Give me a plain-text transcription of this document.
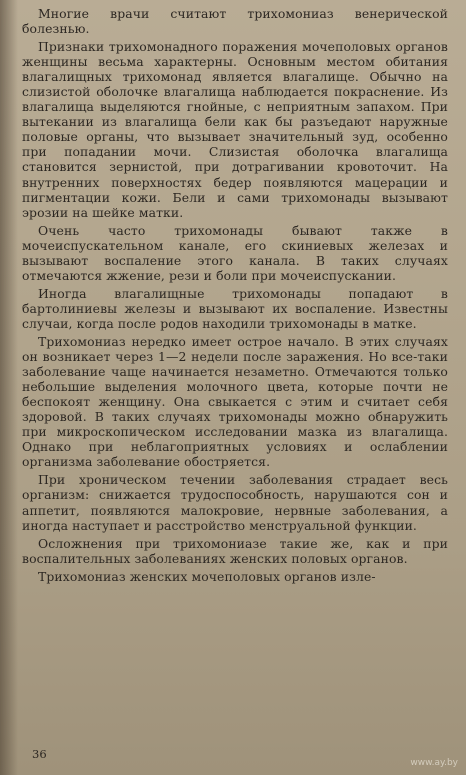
Многие врачи считают трихомониаз венерической болезнью.

Признаки трихомонадного поражения мочеполовых органов женщины весьма характерны. Основным местом обитания влагалищных трихомонад является влагалище. Обычно на слизистой оболочке влагалища наблюдается покраснение. Из влагалища выделяются гнойные, с неприятным запахом. При вытекании из влагалища бели как бы разъедают наружные половые органы, что вызывает значительный зуд, особенно при попадании мочи. Слизистая оболочка влагалища становится зернистой, при дотрагивании кровоточит. На внутренних поверхностях бедер появляются мацерации и пигментации кожи. Бели и сами трихомонады вызывают эрозии на шейке матки.

Очень часто трихомонады бывают также в мочеиспускательном канале, его скиниевых железах и вызывают воспаление этого канала. В таких случаях отмечаются жжение, рези и боли при мочеиспускании.

Иногда влагалищные трихомонады попадают в бартолиниевы железы и вызывают их воспаление. Известны случаи, когда после родов находили трихомонады в матке.

Трихомониаз нередко имеет острое начало. В этих случаях он возникает через 1—2 недели после заражения. Но все-таки заболевание чаще начинается незаметно. Отмечаются только небольшие выделения молочного цвета, которые почти не беспокоят женщину. Она свыкается с этим и считает себя здоровой. В таких случаях трихомонады можно обнаружить при микроскопическом исследовании мазка из влагалища. Однако при неблагоприятных условиях и ослаблении организма заболевание обостряется.

При хроническом течении заболевания страдает весь организм: снижается трудоспособность, нарушаются сон и аппетит, появляются малокровие, нервные заболевания, а иногда наступает и расстройство менструальной функции.

Осложнения при трихомониазе такие же, как и при воспалительных заболеваниях женских половых органов.

Трихомониаз женских мочеполовых органов изле-

36
www.ay.by
